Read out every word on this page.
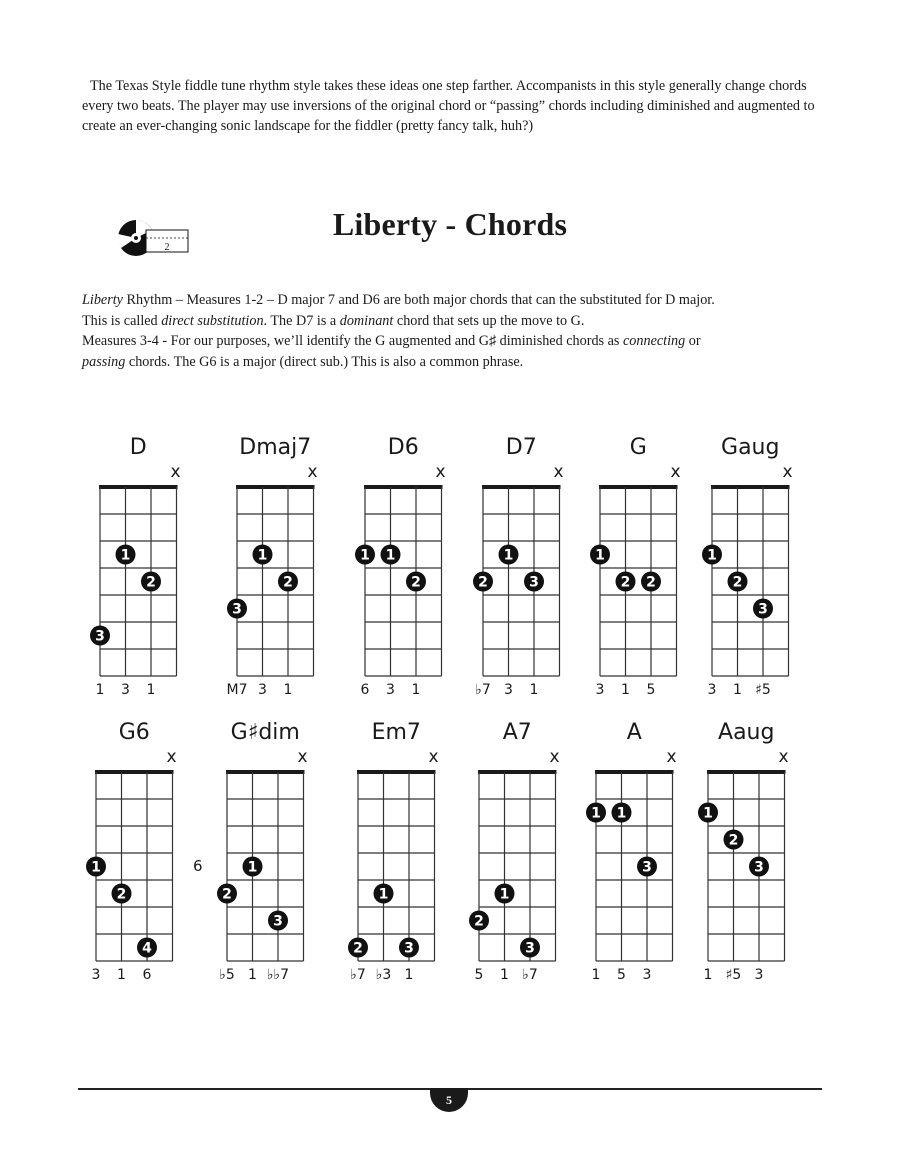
The Texas Style fiddle tune rhythm style takes these ideas one step farther. Accompanists in this style generally change chords every two beats. The player may use inversions of the original chord or “passing” chords including diminished and augmented to create an ever-changing sonic landscape for the fiddler (pretty fancy talk, huh?)

2
Liberty - Chords

Liberty Rhythm – Measures 1-2 – D major 7 and D6 are both major chords that can the substituted for D major.

This is called direct substitution. The D7 is a dominant chord that sets up the move to G.

Measures 3-4 - For our purposes, we’ll identify the G augmented and G♯ diminished chords as connecting or

passing chords. The G6 is a major (direct sub.) This is also a common phrase.

D
x
3
1
2
1	3	1
Dmaj7
x
3
1
2
M7 3	1
D6
x
1 1
2
6	3	1
D7
x
2
1
3
♭7 3	1
G
x
1
2 2
3	1	5
Gaug
x
1
2
3
3	1 ♯5
G6
x
1
2
4
3	1	6
G♯dim
x
6
2
1
3
♭5 1 ♭♭7
Em7
x
2
1
3
♭7 ♭3 1
A7
x
2
1
3
5	1 ♭7
A
x
1 1
3
1	5	3
Aaug
x
1
2
3
1 ♯5 3
5
